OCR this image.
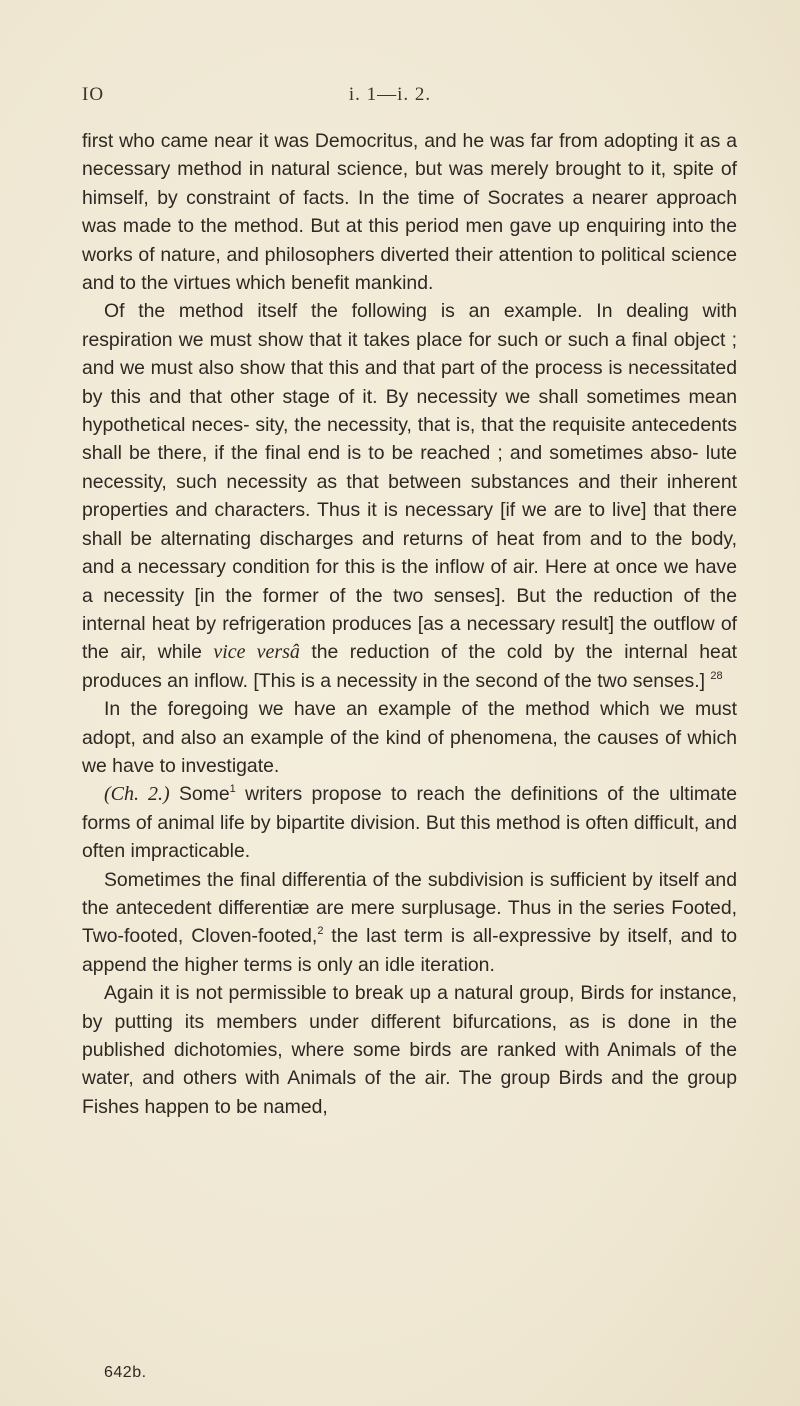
IO	i. 1—i. 2.

first who came near it was Democritus, and he was far from adopting it as a necessary method in natural science, but was merely brought to it, spite of himself, by constraint of facts. In the time of Socrates a nearer approach was made to the method. But at this period men gave up enquiring into the works of nature, and philosophers diverted their attention to political science and to the virtues which benefit mankind.

Of the method itself the following is an example. In dealing with respiration we must show that it takes place for such or such a final object ; and we must also show that this and that part of the process is necessitated by this and that other stage of it. By necessity we shall sometimes mean hypothetical neces- sity, the necessity, that is, that the requisite antecedents shall be there, if the final end is to be reached ; and sometimes abso- lute necessity, such necessity as that between substances and their inherent properties and characters. Thus it is necessary [if we are to live] that there shall be alternating discharges and returns of heat from and to the body, and a necessary condition for this is the inflow of air. Here at once we have a necessity [in the former of the two senses]. But the reduction of the internal heat by refrigeration produces [as a necessary result] the outflow of the air, while vice versâ the reduction of the cold by the internal heat produces an inflow. [This is a necessity in the second of the two senses.] $^{28}$

In the foregoing we have an example of the method which we must adopt, and also an example of the kind of phenomena, the causes of which we have to investigate.

(Ch. 2.) Some$^1$ writers propose to reach the definitions of the ultimate forms of animal life by bipartite division. But this method is often difficult, and often impracticable.

Sometimes the final differentia of the subdivision is sufficient by itself and the antecedent differentiæ are mere surplusage. Thus in the series Footed, Two-footed, Cloven-footed,$^2$ the last term is all-expressive by itself, and to append the higher terms is only an idle iteration.

Again it is not permissible to break up a natural group, Birds for instance, by putting its members under different bifurcations, as is done in the published dichotomies, where some birds are ranked with Animals of the water, and others with Animals of the air. The group Birds and the group Fishes happen to be named,

642b.
